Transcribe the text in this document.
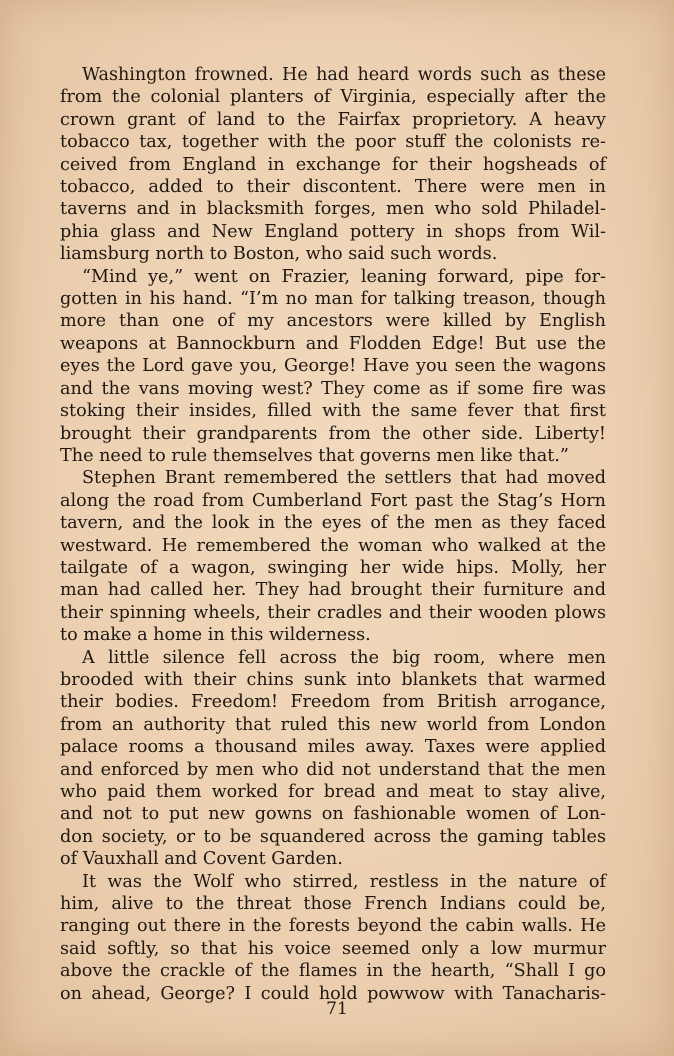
Washington frowned. He had heard words such as these
from the colonial planters of Virginia, especially after the
crown grant of land to the Fairfax proprietory. A heavy
tobacco tax, together with the poor stuff the colonists re-
ceived from England in exchange for their hogsheads of
tobacco, added to their discontent. There were men in
taverns and in blacksmith forges, men who sold Philadel-
phia glass and New England pottery in shops from Wil-
liamsburg north to Boston, who said such words.

“Mind ye,” went on Frazier, leaning forward, pipe for-
gotten in his hand. “I’m no man for talking treason, though
more than one of my ancestors were killed by English
weapons at Bannockburn and Flodden Edge! But use the
eyes the Lord gave you, George! Have you seen the wagons
and the vans moving west? They come as if some fire was
stoking their insides, filled with the same fever that first
brought their grandparents from the other side. Liberty!
The need to rule themselves that governs men like that.”

Stephen Brant remembered the settlers that had moved
along the road from Cumberland Fort past the Stag’s Horn
tavern, and the look in the eyes of the men as they faced
westward. He remembered the woman who walked at the
tailgate of a wagon, swinging her wide hips. Molly, her
man had called her. They had brought their furniture and
their spinning wheels, their cradles and their wooden plows
to make a home in this wilderness.

A little silence fell across the big room, where men
brooded with their chins sunk into blankets that warmed
their bodies. Freedom! Freedom from British arrogance,
from an authority that ruled this new world from London
palace rooms a thousand miles away. Taxes were applied
and enforced by men who did not understand that the men
who paid them worked for bread and meat to stay alive,
and not to put new gowns on fashionable women of Lon-
don society, or to be squandered across the gaming tables
of Vauxhall and Covent Garden.

It was the Wolf who stirred, restless in the nature of
him, alive to the threat those French Indians could be,
ranging out there in the forests beyond the cabin walls. He
said softly, so that his voice seemed only a low murmur
above the crackle of the flames in the hearth, “Shall I go
on ahead, George? I could hold powwow with Tanacharis-

71
